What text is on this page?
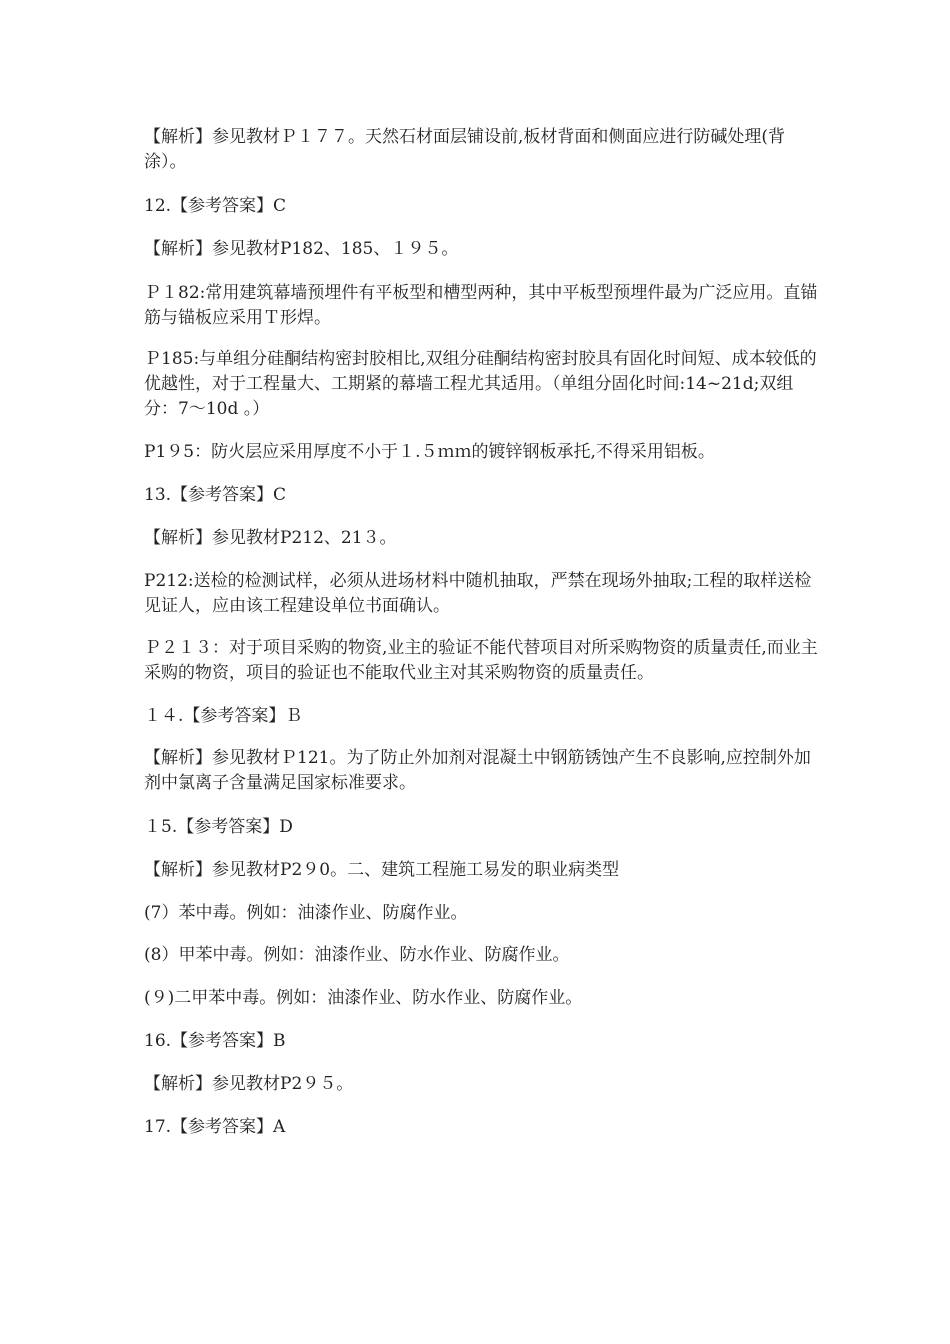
【解析】参见教材Ｐ１７７。天然石材面层铺设前,板材背面和侧面应进行防碱处理(背涂）。

12.【参考答案】C

【解析】参见教材P182、185、１９５。

Ｐ１82:常用建筑幕墙预埋件有平板型和槽型两种，其中平板型预埋件最为广泛应用。直锚筋与锚板应采用Ｔ形焊。

Ｐ185:与单组分硅酮结构密封胶相比,双组分硅酮结构密封胶具有固化时间短、成本较低的优越性，对于工程量大、工期紧的幕墙工程尤其适用。（单组分固化时间:14~21d;双组分：7～10d 。）

P1９5：防火层应采用厚度不小于１.５ｍｍ的镀锌钢板承托,不得采用铝板。

13.【参考答案】C

【解析】参见教材P212、21３。

P212:送检的检测试样，必须从进场材料中随机抽取，严禁在现场外抽取;工程的取样送检见证人，应由该工程建设单位书面确认。

Ｐ２１３：对于项目采购的物资,业主的验证不能代替项目对所采购物资的质量责任,而业主采购的物资，项目的验证也不能取代业主对其采购物资的质量责任。

１４.【参考答案】Ｂ

【解析】参见教材Ｐ121。为了防止外加剂对混凝土中钢筋锈蚀产生不良影响,应控制外加剂中氯离子含量满足国家标准要求。

１5.【参考答案】D

【解析】参见教材P2９0。二、建筑工程施工易发的职业病类型

(7）苯中毒。例如：油漆作业、防腐作业。

(8）甲苯中毒。例如：油漆作业、防水作业、防腐作业。

(９)二甲苯中毒。例如：油漆作业、防水作业、防腐作业。

16.【参考答案】B

【解析】参见教材P2９５。

17.【参考答案】A
